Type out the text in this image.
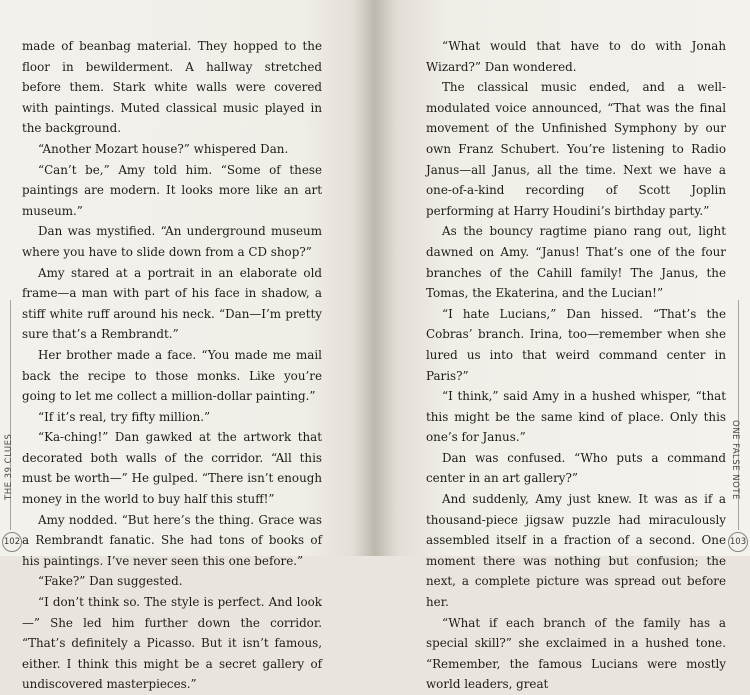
made of beanbag material. They hopped to the floor in bewilderment. A hallway stretched before them. Stark white walls were covered with paintings. Muted classical music played in the background.

“Another Mozart house?” whispered Dan.

“Can’t be,” Amy told him. “Some of these paintings are modern. It looks more like an art museum.”

Dan was mystified. “An underground museum where you have to slide down from a CD shop?”

Amy stared at a portrait in an elaborate old frame—a man with part of his face in shadow, a stiff white ruff around his neck. “Dan—I’m pretty sure that’s a Rembrandt.”

Her brother made a face. “You made me mail back the recipe to those monks. Like you’re going to let me collect a million-dollar painting.”

“If it’s real, try fifty million.”

“Ka-ching!” Dan gawked at the artwork that decorated both walls of the corridor. “All this must be worth—” He gulped. “There isn’t enough money in the world to buy half this stuff!”

Amy nodded. “But here’s the thing. Grace was a Rembrandt fanatic. She had tons of books of his paintings. I’ve never seen this one before.”

“Fake?” Dan suggested.

“I don’t think so. The style is perfect. And look—” She led him further down the corridor. “That’s definitely a Picasso. But it isn’t famous, either. I think this might be a secret gallery of undiscovered masterpieces.”

“What would that have to do with Jonah Wizard?” Dan wondered.

The classical music ended, and a well-modulated voice announced, “That was the final movement of the Unfinished Symphony by our own Franz Schubert. You’re listening to Radio Janus—all Janus, all the time. Next we have a one-of-a-kind recording of Scott Joplin performing at Harry Houdini’s birthday party.”

As the bouncy ragtime piano rang out, light dawned on Amy. “Janus! That’s one of the four branches of the Cahill family! The Janus, the Tomas, the Ekaterina, and the Lucian!”

“I hate Lucians,” Dan hissed. “That’s the Cobras’ branch. Irina, too—remember when she lured us into that weird command center in Paris?”

“I think,” said Amy in a hushed whisper, “that this might be the same kind of place. Only this one’s for Janus.”

Dan was confused. “Who puts a command center in an art gallery?”

And suddenly, Amy just knew. It was as if a thousand-piece jigsaw puzzle had miraculously assembled itself in a fraction of a second. One moment there was nothing but confusion; the next, a complete picture was spread out before her.

“What if each branch of the family has a special skill?” she exclaimed in a hushed tone. “Remember, the famous Lucians were mostly world leaders, great

THE 39 CLUES	ONE FALSE NOTE
102	103
